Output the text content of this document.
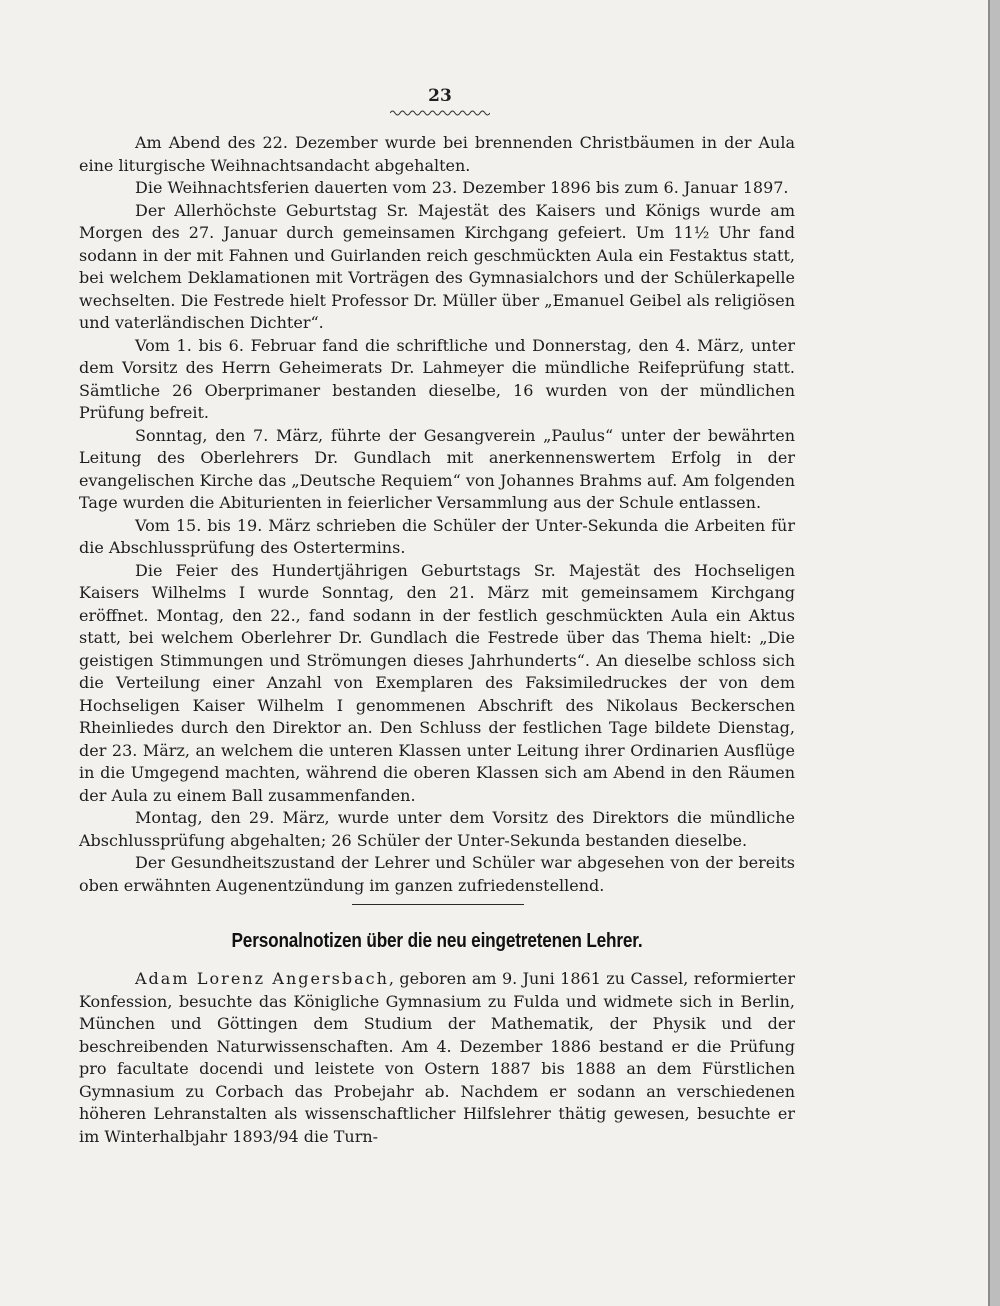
23

Am Abend des 22. Dezember wurde bei brennenden Christbäumen in der Aula eine liturgische Weihnachtsandacht abgehalten.

Die Weihnachtsferien dauerten vom 23. Dezember 1896 bis zum 6. Januar 1897.

Der Allerhöchste Geburtstag Sr. Majestät des Kaisers und Königs wurde am Morgen des 27. Januar durch gemeinsamen Kirchgang gefeiert. Um 11½ Uhr fand sodann in der mit Fahnen und Guirlanden reich geschmückten Aula ein Festaktus statt, bei welchem Deklamationen mit Vorträgen des Gymnasialchors und der Schülerkapelle wechselten. Die Festrede hielt Professor Dr. Müller über „Emanuel Geibel als religiösen und vaterländischen Dichter“.

Vom 1. bis 6. Februar fand die schriftliche und Donnerstag, den 4. März, unter dem Vorsitz des Herrn Geheimerats Dr. Lahmeyer die mündliche Reifeprüfung statt. Sämtliche 26 Oberprimaner bestanden dieselbe, 16 wurden von der mündlichen Prüfung befreit.

Sonntag, den 7. März, führte der Gesangverein „Paulus“ unter der bewährten Leitung des Oberlehrers Dr. Gundlach mit anerkennenswertem Erfolg in der evangelischen Kirche das „Deutsche Requiem“ von Johannes Brahms auf. Am folgenden Tage wurden die Abiturienten in feierlicher Versammlung aus der Schule entlassen.

Vom 15. bis 19. März schrieben die Schüler der Unter-Sekunda die Arbeiten für die Abschlussprüfung des Ostertermins.

Die Feier des Hundertjährigen Geburtstags Sr. Majestät des Hochseligen Kaisers Wilhelms I wurde Sonntag, den 21. März mit gemeinsamem Kirchgang eröffnet. Montag, den 22., fand sodann in der festlich geschmückten Aula ein Aktus statt, bei welchem Oberlehrer Dr. Gundlach die Festrede über das Thema hielt: „Die geistigen Stimmungen und Strömungen dieses Jahrhunderts“. An dieselbe schloss sich die Verteilung einer Anzahl von Exemplaren des Faksimiledruckes der von dem Hochseligen Kaiser Wilhelm I genommenen Abschrift des Nikolaus Beckerschen Rheinliedes durch den Direktor an. Den Schluss der festlichen Tage bildete Dienstag, der 23. März, an welchem die unteren Klassen unter Leitung ihrer Ordinarien Ausflüge in die Umgegend machten, während die oberen Klassen sich am Abend in den Räumen der Aula zu einem Ball zusammenfanden.

Montag, den 29. März, wurde unter dem Vorsitz des Direktors die mündliche Abschlussprüfung abgehalten; 26 Schüler der Unter-Sekunda bestanden dieselbe.

Der Gesundheitszustand der Lehrer und Schüler war abgesehen von der bereits oben erwähnten Augenentzündung im ganzen zufriedenstellend.

Personalnotizen über die neu eingetretenen Lehrer.

Adam Lorenz Angersbach, geboren am 9. Juni 1861 zu Cassel, reformierter Konfession, besuchte das Königliche Gymnasium zu Fulda und widmete sich in Berlin, München und Göttingen dem Studium der Mathematik, der Physik und der beschreibenden Naturwissenschaften. Am 4. Dezember 1886 bestand er die Prüfung pro facultate docendi und leistete von Ostern 1887 bis 1888 an dem Fürstlichen Gymnasium zu Corbach das Probejahr ab. Nachdem er sodann an verschiedenen höheren Lehranstalten als wissenschaftlicher Hilfslehrer thätig gewesen, besuchte er im Winterhalbjahr 1893/94 die Turn-
